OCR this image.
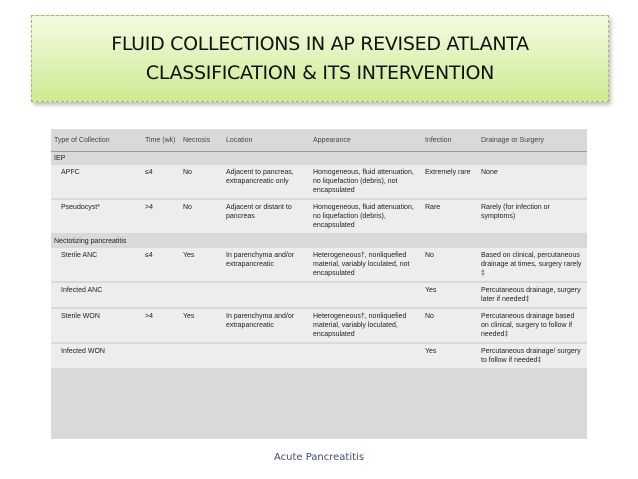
FLUID COLLECTIONS IN AP REVISED ATLANTA
CLASSIFICATION & ITS INTERVENTION
Type of Collection	Time (wk)	Necrosis	Location	Appearance	Infection	Drainage or Surgery
IEP						
APFC	≤4	No	Adjacent to pancreas, extrapancreatic only	Homogeneous, fluid attenuation, no liquefaction (debris), not encapsulated	Extremely rare	None
Pseudocyst*	>4	No	Adjacent or distant to pancreas	Homogeneous, fluid attenuation, no liquefaction (debris), encapsulated	Rare	Rarely (for infection or symptoms)
Nectotizing pancreatitis						
Sterile ANC	≤4	Yes	In parenchyma and/or extrapancreatic	Heterogeneous†, nonliquefied material, variably loculated, not encapsulated	No	Based on clinical, percutaneous drainage at times, surgery rarely ‡
Infected ANC					Yes	Percutaneous drainage, surgery later if needed‡
Sterile WON	>4	Yes	In parenchyma and/or extrapancreatic	Heterogeneous†, nonliquefied material, variably loculated, encapsulated	No	Percutaneous drainage based on clinical, surgery to follow if needed‡
Infected WON					Yes	Percutaneous drainage/ surgery to follow if needed‡
Acute Pancreatitis
